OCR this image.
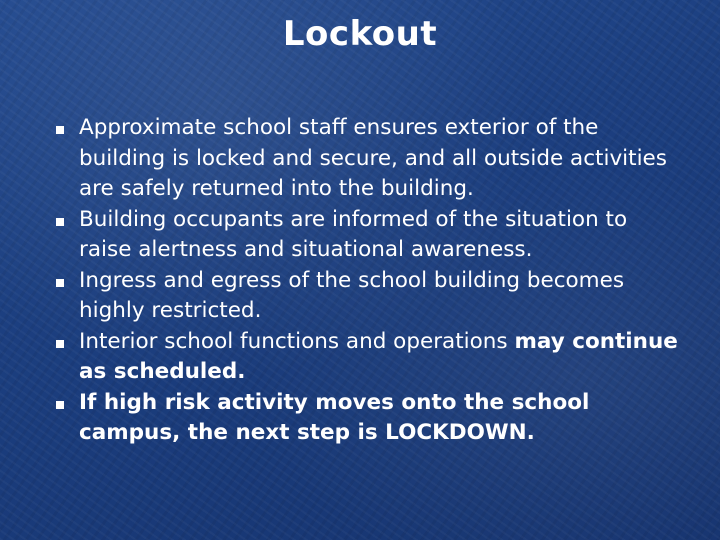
Lockout
Approximate school staff ensures exterior of the building is locked and secure, and all outside activities are safely returned into the building.
Building occupants are informed of the situation to raise alertness and situational awareness.
Ingress and egress of the school building becomes highly restricted.
Interior school functions and operations may continue as scheduled.
If high risk activity moves onto the school campus, the next step is LOCKDOWN.
